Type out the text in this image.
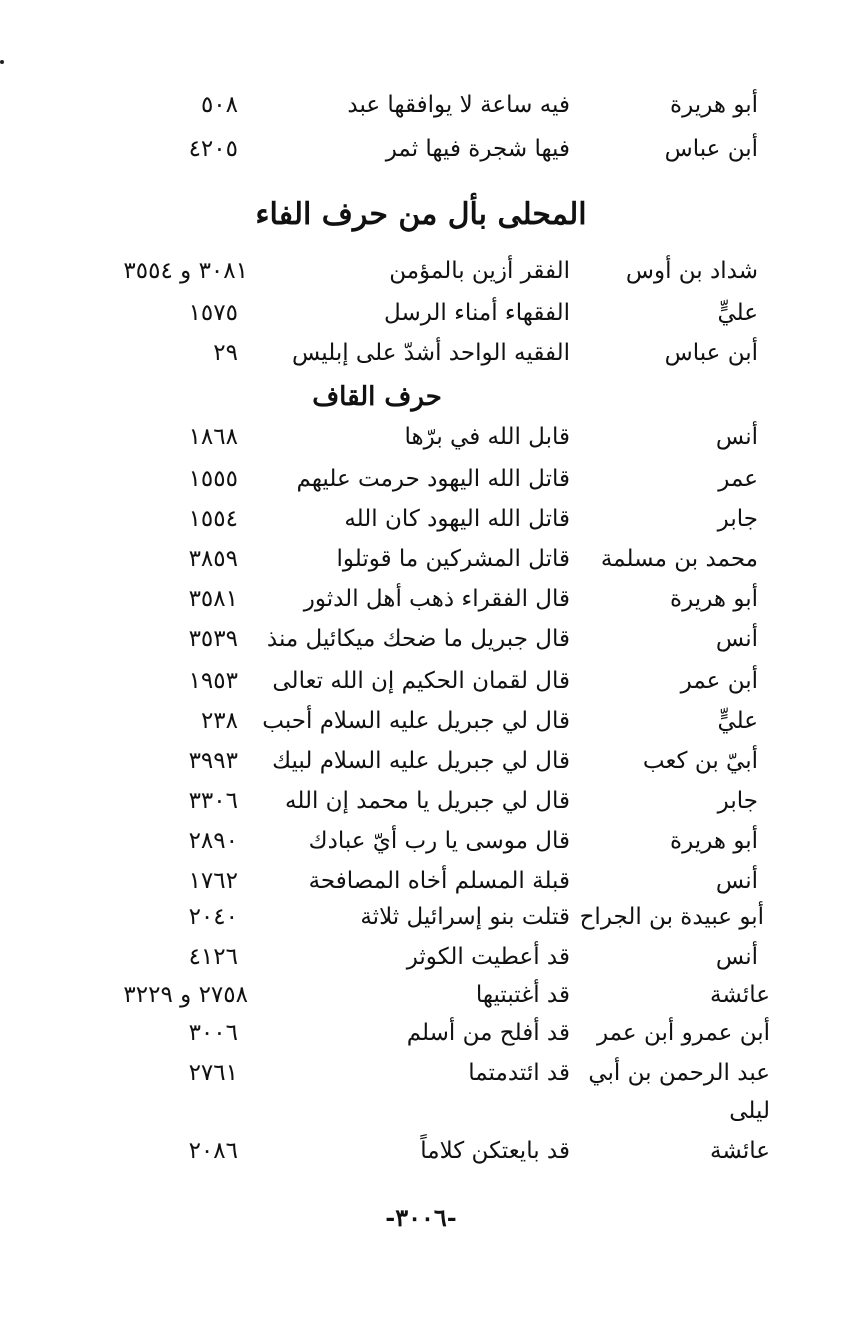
أبو هريرة
فيه ساعة لا يوافقها عبد
٥٠٨
أبن عباس
فيها شجرة فيها ثمر
٤٢٠٥
المحلى بأل من حرف الفاء
شداد بن أوس
الفقر أزين بالمؤمن
٣٠٨١ و ٣٥٥٤
عليٍّ
الفقهاء أمناء الرسل
١٥٧٥
أبن عباس
الفقيه الواحد أشدّ على إبليس
٢٩
حرف القاف
أنس
قابل الله في برّها
١٨٦٨
عمر
قاتل الله اليهود حرمت عليهم
١٥٥٥
جابر
قاتل الله اليهود كان الله
١٥٥٤
محمد بن مسلمة
قاتل المشركين ما قوتلوا
٣٨٥٩
أبو هريرة
قال الفقراء ذهب أهل الدثور
٣٥٨١
أنس
قال جبريل ما ضحك ميكائيل منذ
٣٥٣٩
أبن عمر
قال لقمان الحكيم إن الله تعالى
١٩٥٣
عليٍّ
قال لي جبريل عليه السلام أحبب
٢٣٨
أبيّ بن كعب
قال لي جبريل عليه السلام لبيك
٣٩٩٣
جابر
قال لي جبريل يا محمد إن الله
٣٣٠٦
أبو هريرة
قال موسى يا رب أيّ عبادك
٢٨٩٠
أنس
قبلة المسلم أخاه المصافحة
١٧٦٢
أبو عبيدة بن الجراح
قتلت بنو إسرائيل ثلاثة
٢٠٤٠
أنس
قد أعطيت الكوثر
٤١٢٦
عائشة
قد أغتبتيها
٢٧٥٨ و ٣٢٢٩
أبن عمرو أبن عمر
قد أفلح من أسلم
٣٠٠٦
عبد الرحمن بن أبي
قد ائتدمتما
٢٧٦١
ليلى
عائشة
قد بايعتكن كلاماً
٢٠٨٦
-٣٠٠٦-
